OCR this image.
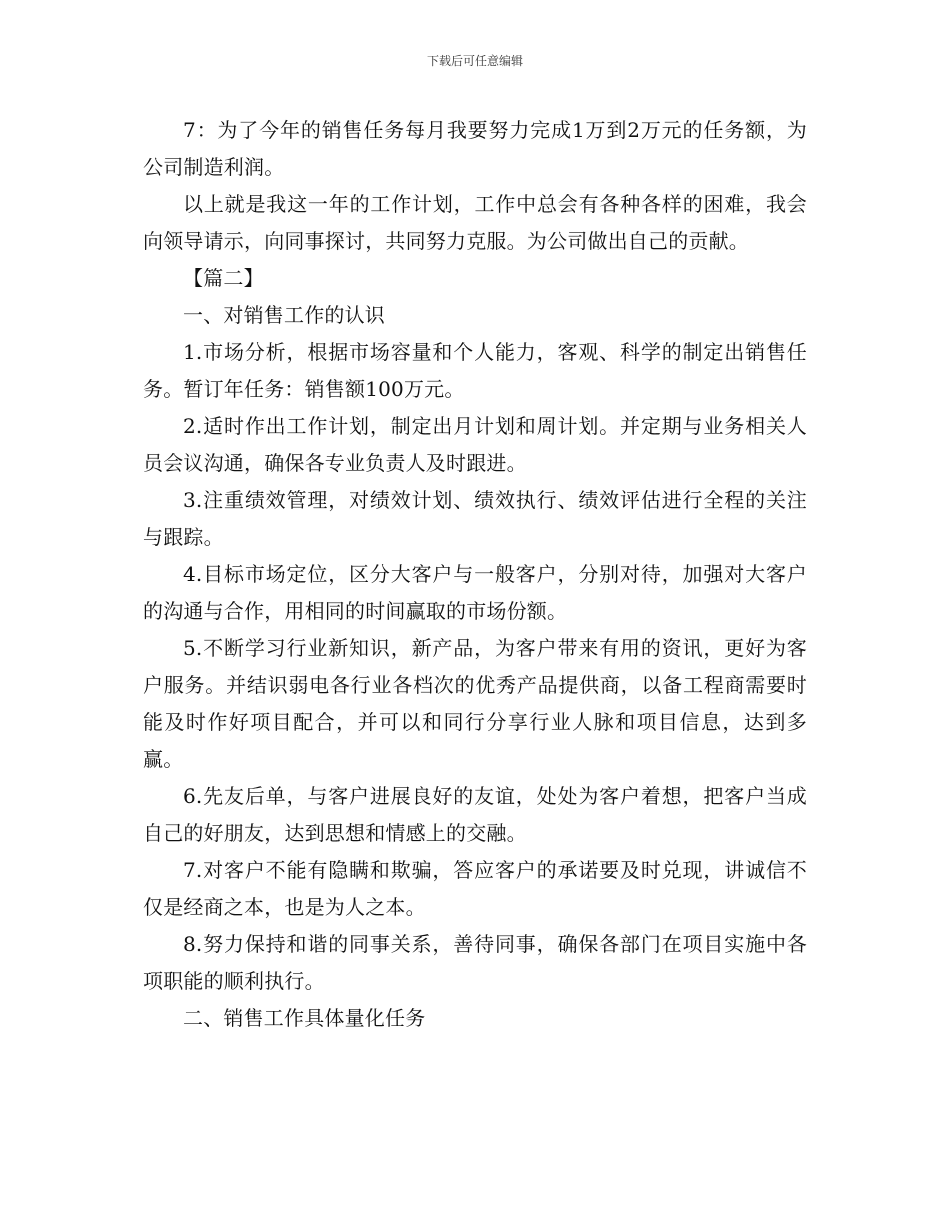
下载后可任意编辑

7：为了今年的销售任务每月我要努力完成1万到2万元的任务额，为公司制造利润。

以上就是我这一年的工作计划，工作中总会有各种各样的困难，我会向领导请示，向同事探讨，共同努力克服。为公司做出自己的贡献。

【篇二】

一、对销售工作的认识

1.市场分析，根据市场容量和个人能力，客观、科学的制定出销售任务。暂订年任务：销售额100万元。

2.适时作出工作计划，制定出月计划和周计划。并定期与业务相关人员会议沟通，确保各专业负责人及时跟进。

3.注重绩效管理，对绩效计划、绩效执行、绩效评估进行全程的关注与跟踪。

4.目标市场定位，区分大客户与一般客户，分别对待，加强对大客户的沟通与合作，用相同的时间赢取的市场份额。

5.不断学习行业新知识，新产品，为客户带来有用的资讯，更好为客户服务。并结识弱电各行业各档次的优秀产品提供商，以备工程商需要时能及时作好项目配合，并可以和同行分享行业人脉和项目信息，达到多赢。

6.先友后单，与客户进展良好的友谊，处处为客户着想，把客户当成自己的好朋友，达到思想和情感上的交融。

7.对客户不能有隐瞒和欺骗，答应客户的承诺要及时兑现，讲诚信不仅是经商之本，也是为人之本。

8.努力保持和谐的同事关系，善待同事，确保各部门在项目实施中各项职能的顺利执行。

二、销售工作具体量化任务
